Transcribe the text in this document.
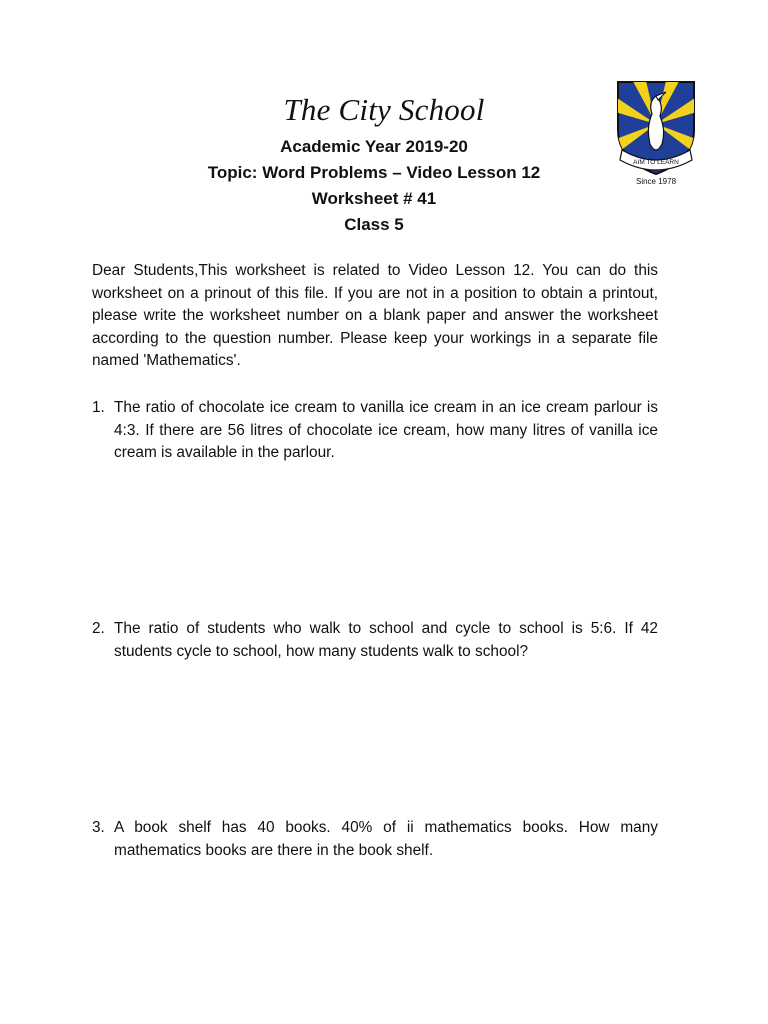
The City School
Academic Year 2019-20
Topic: Word Problems – Video Lesson 12
Worksheet # 41
Class 5
AIM TO LEARN
Since 1978
Dear Students,This worksheet is related to Video Lesson 12. You can do this worksheet on a prinout of this file. If you are not in a position to obtain a printout, please write the worksheet number on a blank paper and answer the worksheet according to the question number. Please keep your workings in a separate file named 'Mathematics'.
1. The ratio of chocolate ice cream to vanilla ice cream in an ice cream parlour is 4:3. If there are 56 litres of chocolate ice cream, how many litres of vanilla ice cream is available in the parlour.
2. The ratio of students who walk to school and cycle to school is 5:6. If 42 students cycle to school, how many students walk to school?
3. A book shelf has 40 books. 40% of ii mathematics books. How many mathematics books are there in the book shelf.
